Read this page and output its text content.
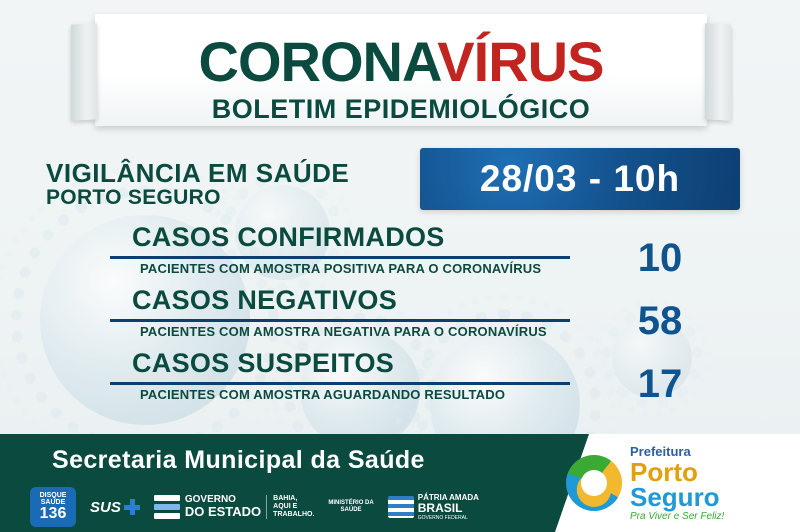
CORONAVÍRUS
BOLETIM EPIDEMIOLÓGICO
VIGILÂNCIA EM SAÚDE
PORTO SEGURO	28/03 - 10h
CASOS CONFIRMADOS
PACIENTES COM AMOSTRA POSITIVA PARA O CORONAVÍRUS	10
CASOS NEGATIVOS
PACIENTES COM AMOSTRA NEGATIVA PARA O CORONAVÍRUS	58
CASOS SUSPEITOS
PACIENTES COM AMOSTRA AGUARDANDO RESULTADO	17
Secretaria Municipal da Saúde
DISQUE
SAÚDE
136 SUS	GOVERNO
DO ESTADO
BAHIA,
AQUI E
TRABALHO.
MINISTÉRIO DA
SAÚDE
PÁTRIA AMADA
BRASIL
GOVERNO FEDERAL
Prefeitura
Porto
Seguro
Pra Viver e Ser Feliz!
